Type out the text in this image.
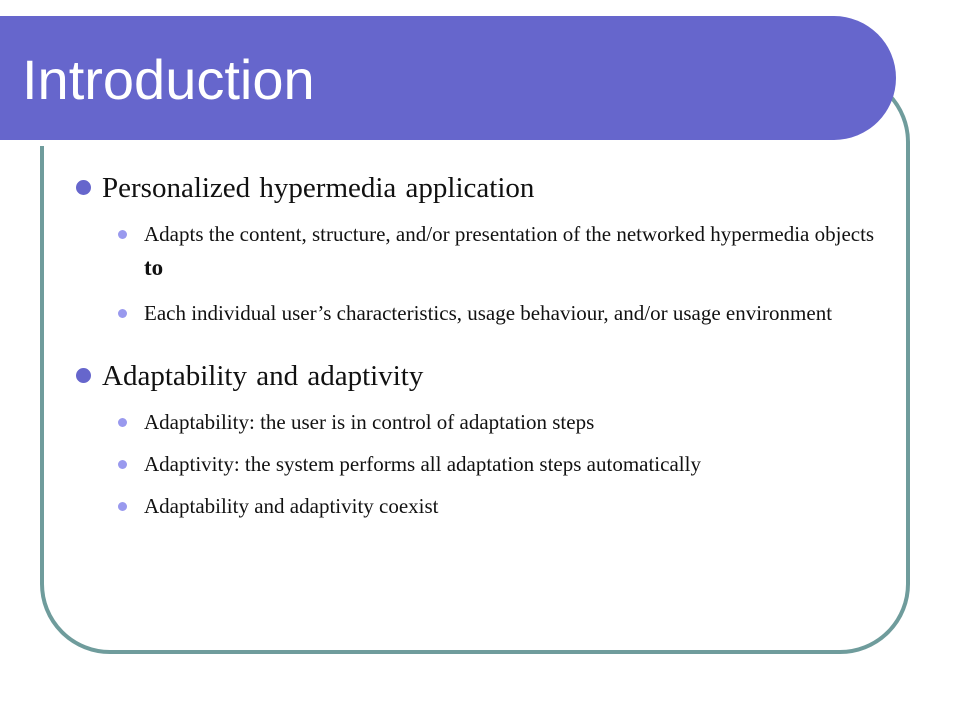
Introduction

Personalized hypermedia application

Adapts the content, structure, and/or presentation of the networked hypermedia objects to

Each individual user’s characteristics, usage behaviour, and/or usage environment

Adaptability and adaptivity

Adaptability: the user is in control of adaptation steps

Adaptivity: the system performs all adaptation steps automatically

Adaptability and adaptivity coexist
